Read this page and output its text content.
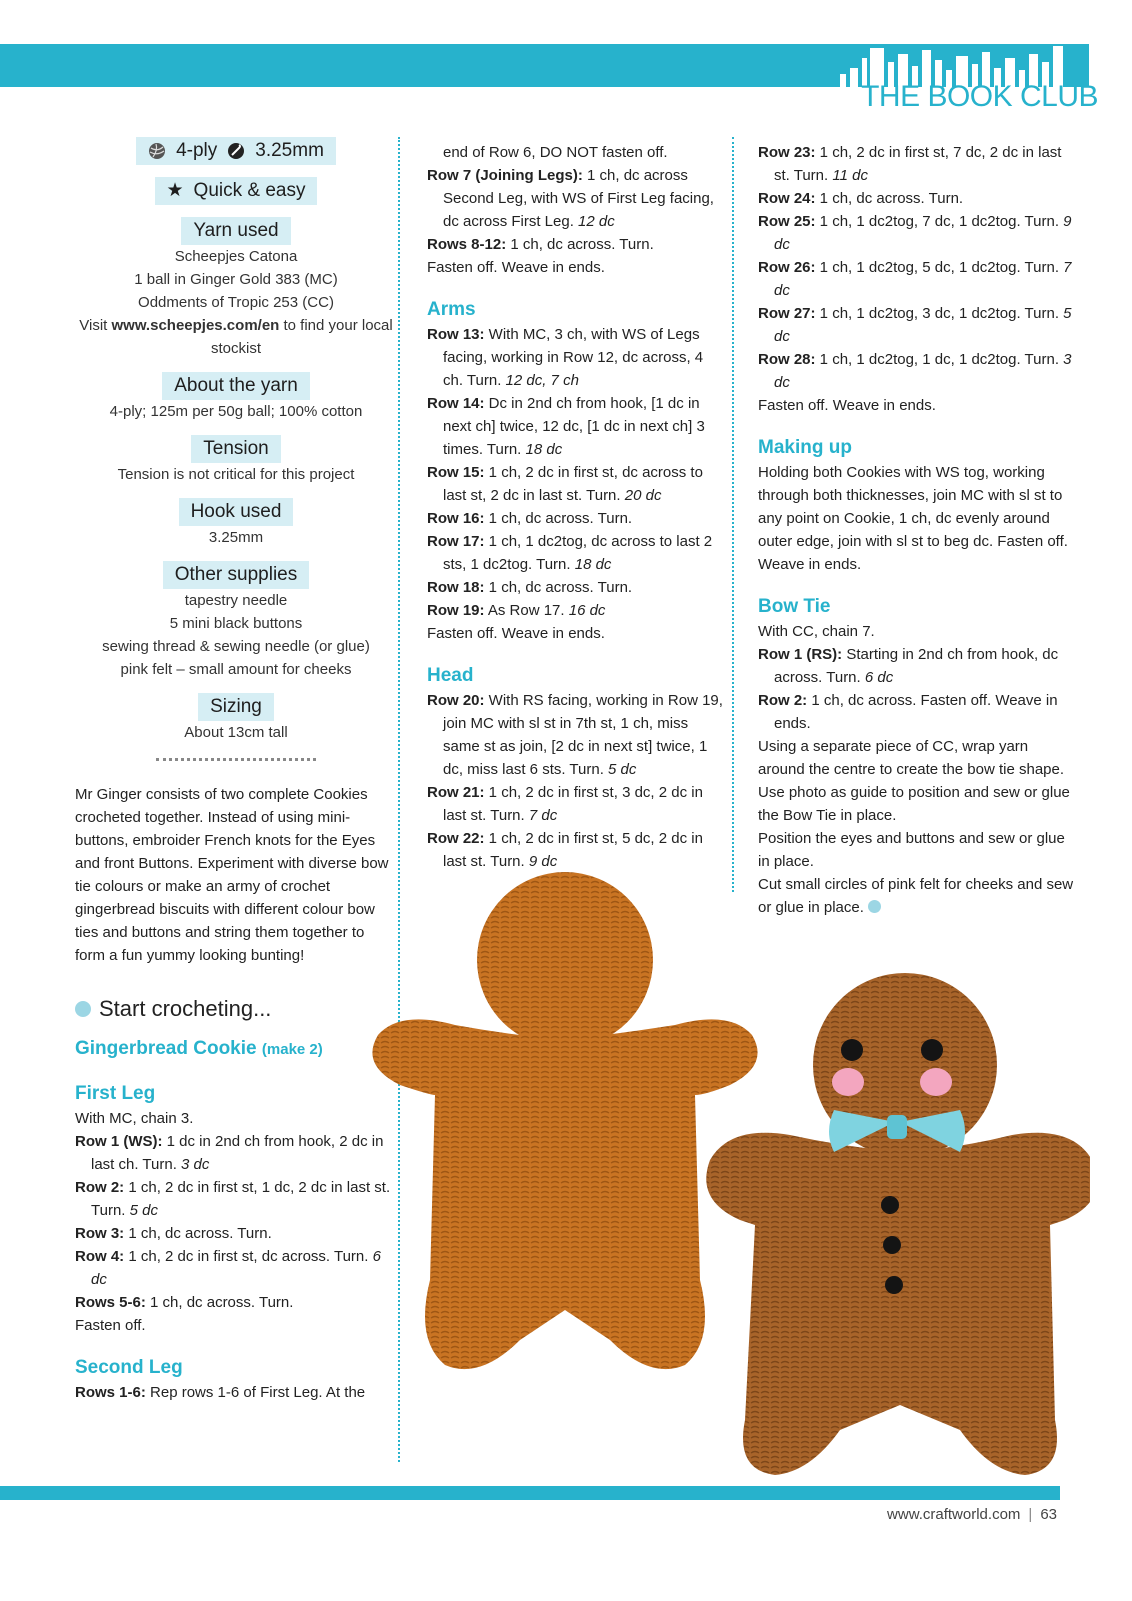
THE BOOK CLUB
4-ply 3.25mm
★ Quick & easy
Yarn used
Scheepjes Catona
1 ball in Ginger Gold 383 (MC)
Oddments of Tropic 253 (CC)
Visit www.scheepjes.com/en to find your local stockist
About the yarn
4-ply; 125m per 50g ball; 100% cotton
Tension
Tension is not critical for this project
Hook used
3.25mm
Other supplies
tapestry needle
5 mini black buttons
sewing thread & sewing needle (or glue)
pink felt – small amount for cheeks
Sizing
About 13cm tall
Mr Ginger consists of two complete Cookies crocheted together. Instead of using mini-buttons, embroider French knots for the Eyes and front Buttons. Experiment with diverse bow tie colours or make an army of crochet gingerbread biscuits with different colour bow ties and buttons and string them together to form a fun yummy looking bunting!
Start crocheting...
Gingerbread Cookie (make 2)
First Leg
With MC, chain 3.
Row 1 (WS): 1 dc in 2nd ch from hook, 2 dc in last ch. Turn. 3 dc
Row 2: 1 ch, 2 dc in first st, 1 dc, 2 dc in last st. Turn. 5 dc
Row 3: 1 ch, dc across. Turn.
Row 4: 1 ch, 2 dc in first st, dc across. Turn. 6 dc
Rows 5-6: 1 ch, dc across. Turn.
Fasten off.
Second Leg
Rows 1-6: Rep rows 1-6 of First Leg. At the
end of Row 6, DO NOT fasten off.
Row 7 (Joining Legs): 1 ch, dc across Second Leg, with WS of First Leg facing, dc across First Leg. 12 dc
Rows 8-12: 1 ch, dc across. Turn.
Fasten off. Weave in ends.
Arms
Row 13: With MC, 3 ch, with WS of Legs facing, working in Row 12, dc across, 4 ch. Turn. 12 dc, 7 ch
Row 14: Dc in 2nd ch from hook, [1 dc in next ch] twice, 12 dc, [1 dc in next ch] 3 times. Turn. 18 dc
Row 15: 1 ch, 2 dc in first st, dc across to last st, 2 dc in last st. Turn. 20 dc
Row 16: 1 ch, dc across. Turn.
Row 17: 1 ch, 1 dc2tog, dc across to last 2 sts, 1 dc2tog. Turn. 18 dc
Row 18: 1 ch, dc across. Turn.
Row 19: As Row 17. 16 dc
Fasten off. Weave in ends.
Head
Row 20: With RS facing, working in Row 19, join MC with sl st in 7th st, 1 ch, miss same st as join, [2 dc in next st] twice, 1 dc, miss last 6 sts. Turn. 5 dc
Row 21: 1 ch, 2 dc in first st, 3 dc, 2 dc in last st. Turn. 7 dc
Row 22: 1 ch, 2 dc in first st, 5 dc, 2 dc in last st. Turn. 9 dc
Row 23: 1 ch, 2 dc in first st, 7 dc, 2 dc in last st. Turn. 11 dc
Row 24: 1 ch, dc across. Turn.
Row 25: 1 ch, 1 dc2tog, 7 dc, 1 dc2tog. Turn. 9 dc
Row 26: 1 ch, 1 dc2tog, 5 dc, 1 dc2tog. Turn. 7 dc
Row 27: 1 ch, 1 dc2tog, 3 dc, 1 dc2tog. Turn. 5 dc
Row 28: 1 ch, 1 dc2tog, 1 dc, 1 dc2tog. Turn. 3 dc
Fasten off. Weave in ends.
Making up
Holding both Cookies with WS tog, working through both thicknesses, join MC with sl st to any point on Cookie, 1 ch, dc evenly around outer edge, join with sl st to beg dc. Fasten off. Weave in ends.
Bow Tie
With CC, chain 7.
Row 1 (RS): Starting in 2nd ch from hook, dc across. Turn. 6 dc
Row 2: 1 ch, dc across. Fasten off. Weave in ends.
Using a separate piece of CC, wrap yarn around the centre to create the bow tie shape. Use photo as guide to position and sew or glue the Bow Tie in place.
Position the eyes and buttons and sew or glue in place.
Cut small circles of pink felt for cheeks and sew or glue in place.
www.craftworld.com | 63
